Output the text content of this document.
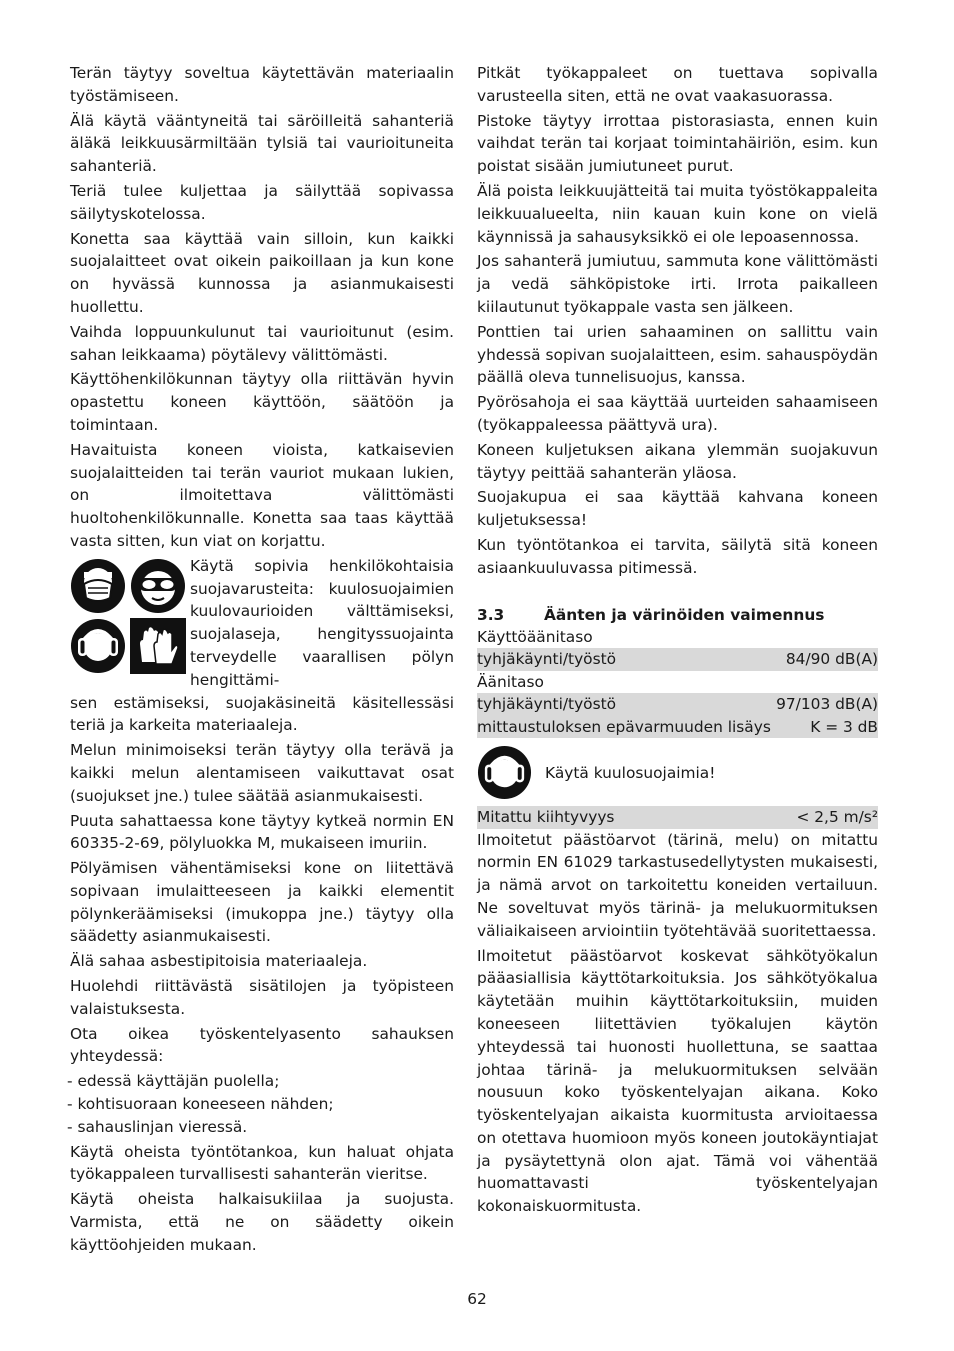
Terän täytyy soveltua käytettävän materiaalin työstämiseen.

Älä käytä vääntyneitä tai säröilleitä sahanteriä äläkä leikkuusärmiltään tylsiä tai vaurioituneita sahanteriä.

Teriä tulee kuljettaa ja säilyttää sopivassa säilytyskotelossa.

Konetta saa käyttää vain silloin, kun kaikki suojalaitteet ovat oikein paikoillaan ja kun kone on hyvässä kunnossa ja asianmukaisesti huollettu.

Vaihda loppuunkulunut tai vaurioitunut (esim. sahan leikkaama) pöytälevy välittömästi.

Käyttöhenkilökunnan täytyy olla riittävän hyvin opastettu koneen käyttöön, säätöön ja toimintaan.

Havaituista koneen vioista, katkaisevien suojalaitteiden tai terän vauriot mukaan lukien, on ilmoitettava välittömästi huoltohenkilökunnalle. Konetta saa taas käyttää vasta sitten, kun viat on korjattu.

Käytä sopivia henkilökohtaisia suojavarusteita: kuulosuojaimien kuulovaurioiden välttämiseksi, suojalaseja, hengityssuojainta terveydelle vaarallisen pölyn hengittämi-

sen estämiseksi, suojakäsineitä käsitellessäsi teriä ja karkeita materiaaleja.

Melun minimoiseksi terän täytyy olla terävä ja kaikki melun alentamiseen vaikuttavat osat (suojukset jne.) tulee säätää asianmukaisesti.

Puuta sahattaessa kone täytyy kytkeä normin EN 60335-2-69, pölyluokka M, mukaiseen imuriin.

Pölyämisen vähentämiseksi kone on liitettävä sopivaan imulaitteeseen ja kaikki elementit pölynkeräämiseksi (imukoppa jne.) täytyy olla säädetty asianmukaisesti.

Älä sahaa asbestipitoisia materiaaleja.

Huolehdi riittävästä sisätilojen ja työpisteen valaistuksesta.

Ota oikea työskentelyasento sahauksen yhteydessä:

- edessä käyttäjän puolella;
- kohtisuoraan koneeseen nähden;
- sahauslinjan vieressä.

Käytä oheista työntötankoa, kun haluat ohjata työkappaleen turvallisesti sahanterän vieritse.

Käytä oheista halkaisukiilaa ja suojusta. Varmista, että ne on säädetty oikein käyttöohjeiden mukaan.

Pitkät työkappaleet on tuettava sopivalla varusteella siten, että ne ovat vaakasuorassa.

Pistoke täytyy irrottaa pistorasiasta, ennen kuin vaihdat terän tai korjaat toimintahäiriön, esim. kun poistat sisään jumiutuneet purut.

Älä poista leikkuujätteitä tai muita työstökappaleita leikkuualueelta, niin kauan kuin kone on vielä käynnissä ja sahausyksikkö ei ole lepoasennossa.

Jos sahanterä jumiutuu, sammuta kone välittömästi ja vedä sähköpistoke irti. Irrota paikalleen kiilautunut työkappale vasta sen jälkeen.

Ponttien tai urien sahaaminen on sallittu vain yhdessä sopivan suojalaitteen, esim. sahauspöydän päällä oleva tunnelisuojus, kanssa.

Pyörösahoja ei saa käyttää uurteiden sahaamiseen (työkappaleessa päättyvä ura).

Koneen kuljetuksen aikana ylemmän suojakuvun täytyy peittää sahanterän yläosa.

Suojakupua ei saa käyttää kahvana koneen kuljetuksessa!

Kun työntötankoa ei tarvita, säilytä sitä koneen asiaankuuluvassa pitimessä.

3.3	Äänten ja värinöiden vaimennus
Käyttöäänitaso
tyhjäkäynti/työstö	84/90 dB(A)
Äänitaso
tyhjäkäynti/työstö	97/103 dB(A)
mittaustuloksen epävarmuuden lisäys	K = 3 dB
Käytä kuulosuojaimia!
Mitattu kiihtyvyys	< 2,5 m/s²

Ilmoitetut päästöarvot (tärinä, melu) on mitattu normin EN 61029 tarkastusedellytysten mukaisesti, ja nämä arvot on tarkoitettu koneiden vertailuun. Ne soveltuvat myös tärinä- ja melukuormituksen väliaikaiseen arviointiin työtehtävää suoritettaessa.

Ilmoitetut päästöarvot koskevat sähkötyökalun pääasiallisia käyttötarkoituksia. Jos sähkötyökalua käytetään muihin käyttötarkoituksiin, muiden koneeseen liitettävien työkalujen käytön yhteydessä tai huonosti huollettuna, se saattaa johtaa tärinä- ja melukuormituksen selvään nousuun koko työskentelyajan aikana. Koko työskentelyajan aikaista kuormitusta arvioitaessa on otettava huomioon myös koneen joutokäyntiajat ja pysäytettynä olon ajat. Tämä voi vähentää huomattavasti työskentelyajan kokonaiskuormitusta.

62
